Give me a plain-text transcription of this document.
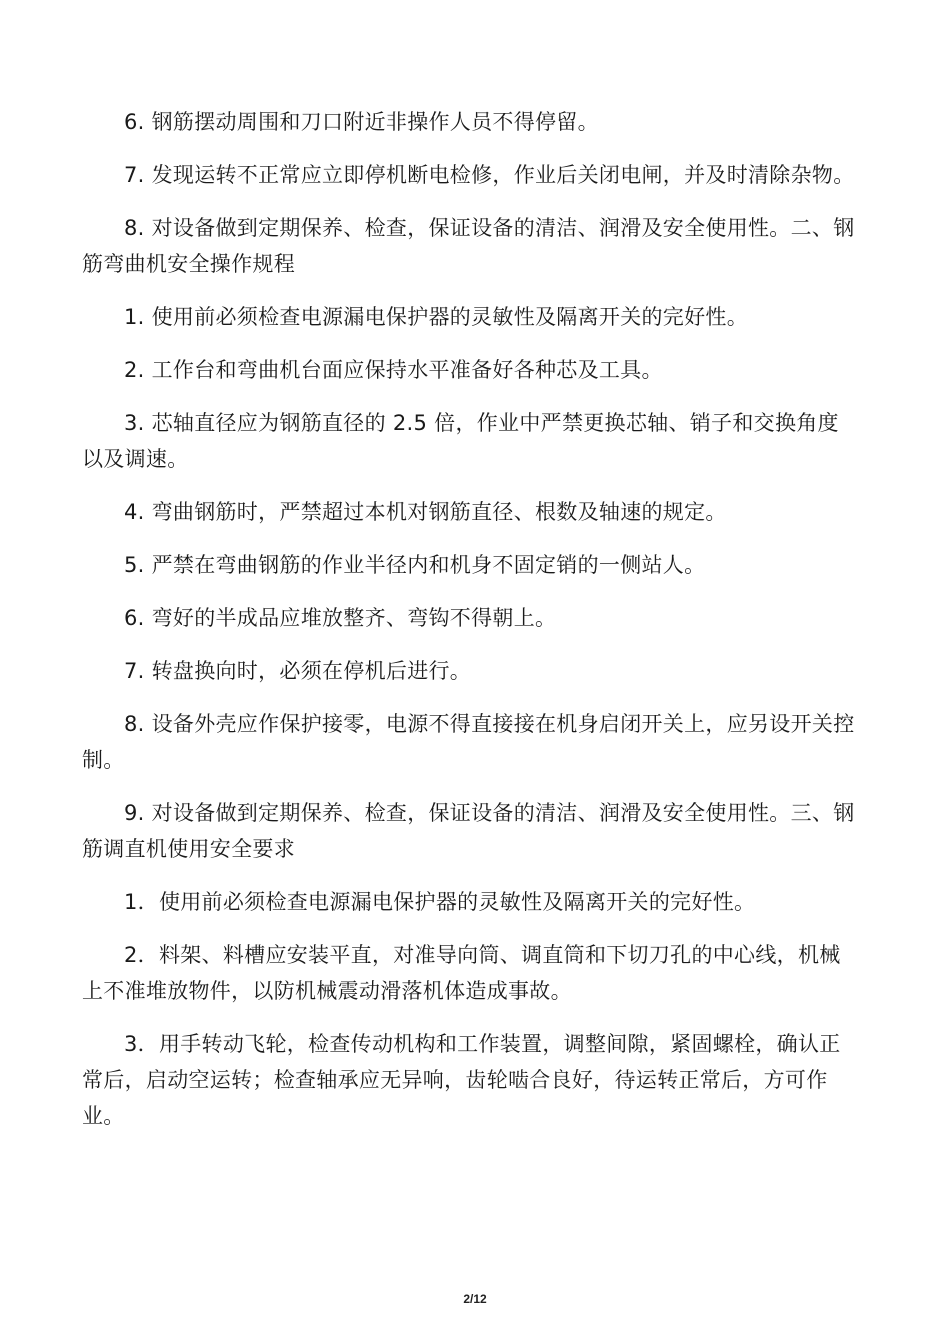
6. 钢筋摆动周围和刀口附近非操作人员不得停留。

7. 发现运转不正常应立即停机断电检修，作业后关闭电闸，并及时清除杂物。

8. 对设备做到定期保养、检查，保证设备的清洁、润滑及安全使用性。二、钢筋弯曲机安全操作规程

1. 使用前必须检查电源漏电保护器的灵敏性及隔离开关的完好性。

2. 工作台和弯曲机台面应保持水平准备好各种芯及工具。

3. 芯轴直径应为钢筋直径的 2.5 倍，作业中严禁更换芯轴、销子和交换角度以及调速。

4. 弯曲钢筋时，严禁超过本机对钢筋直径、根数及轴速的规定。

5. 严禁在弯曲钢筋的作业半径内和机身不固定销的一侧站人。

6. 弯好的半成品应堆放整齐、弯钩不得朝上。

7. 转盘换向时，必须在停机后进行。

8. 设备外壳应作保护接零，电源不得直接接在机身启闭开关上，应另设开关控制。

9. 对设备做到定期保养、检查，保证设备的清洁、润滑及安全使用性。三、钢筋调直机使用安全要求

1．使用前必须检查电源漏电保护器的灵敏性及隔离开关的完好性。

2．料架、料槽应安装平直，对准导向筒、调直筒和下切刀孔的中心线，机械上不准堆放物件，以防机械震动滑落机体造成事故。

3．用手转动飞轮，检查传动机构和工作装置，调整间隙，紧固螺栓，确认正常后，启动空运转；检查轴承应无异响，齿轮啮合良好，待运转正常后，方可作业。

2/12
